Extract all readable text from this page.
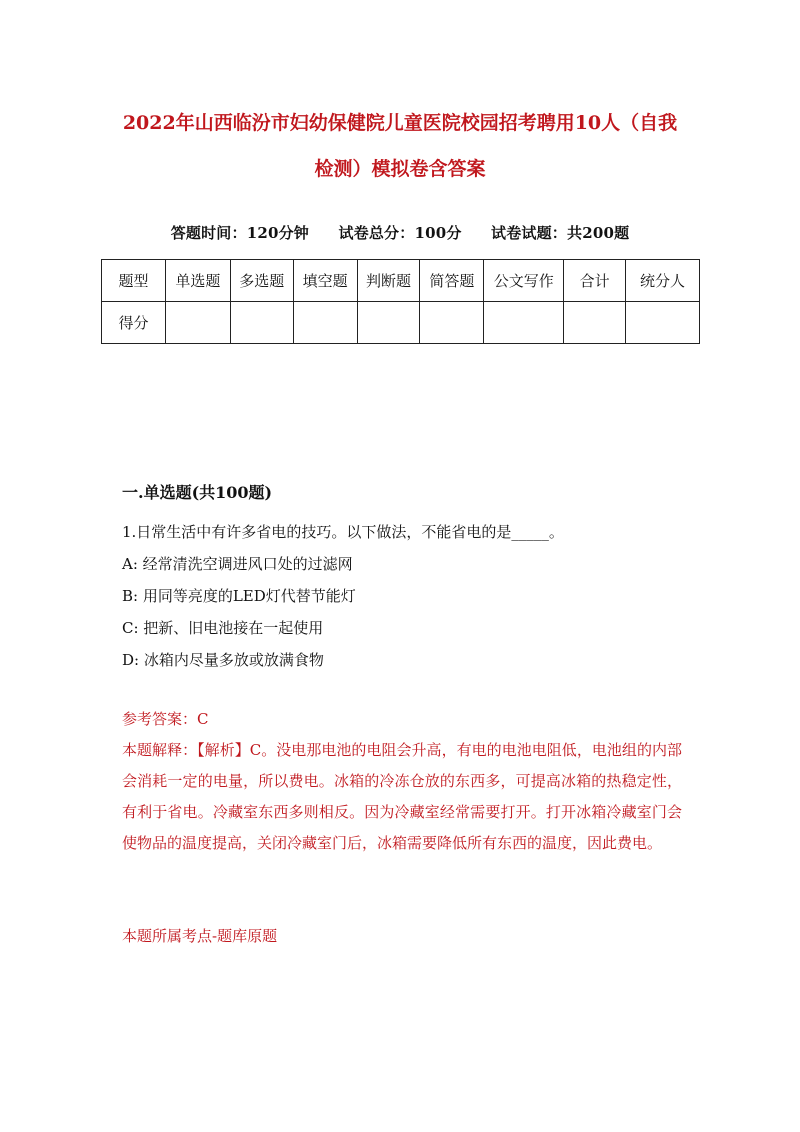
2022年山西临汾市妇幼保健院儿童医院校园招考聘用10人（自我
检测）模拟卷含答案
答题时间：120分钟 试卷总分：100分 试卷试题：共200题
题型	单选题	多选题	填空题	判断题	简答题	公文写作	合计	统分人
得分								
一.单选题(共100题)
1.日常生活中有许多省电的技巧。以下做法，不能省电的是_____。
A: 经常清洗空调进风口处的过滤网
B: 用同等亮度的LED灯代替节能灯
C: 把新、旧电池接在一起使用
D: 冰箱内尽量多放或放满食物

参考答案：C

本题解释：【解析】C。没电那电池的电阻会升高，有电的电池电阻低，电池组的内部会消耗一定的电量，所以费电。冰箱的冷冻仓放的东西多，可提高冰箱的热稳定性，有利于省电。冷藏室东西多则相反。因为冷藏室经常需要打开。打开冰箱冷藏室门会使物品的温度提高，关闭冷藏室门后，冰箱需要降低所有东西的温度，因此费电。

本题所属考点-题库原题
